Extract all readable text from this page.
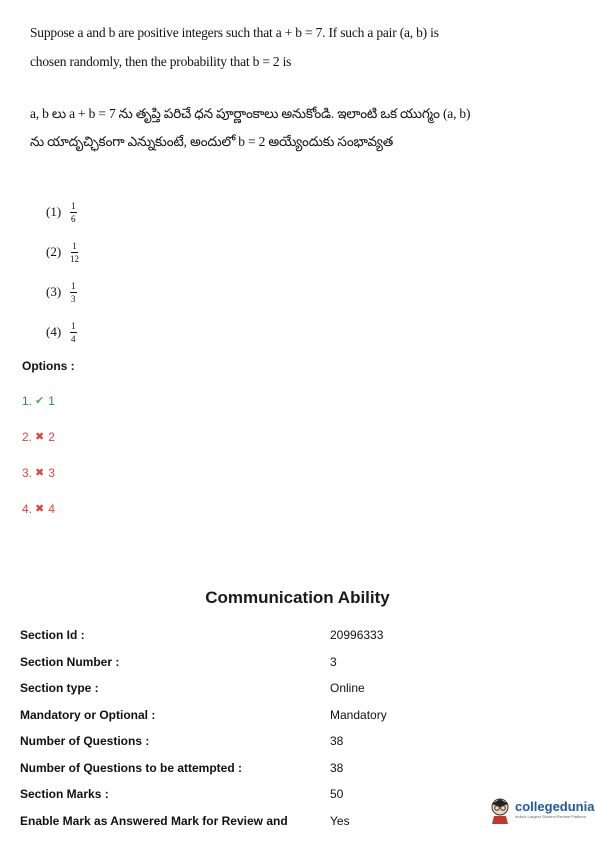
Suppose a and b are positive integers such that a + b = 7. If such a pair (a, b) is
chosen randomly, then the probability that b = 2 is
a, b లు a + b = 7 ను తృప్తి పరిచే ధన పూర్ణాంకాలు అనుకోండి. ఇలాంటి ఒక యుగ్మం (a, b)
ను యాదృచ్ఛికంగా ఎన్నుకుంటే, అందులో b = 2 అయ్యేందుకు సంభావ్యత
$(1) \frac{1}{6}$
$(2) \frac{1}{12}$
$(3) \frac{1}{3}$
$(4) \frac{1}{4}$
Options :
1. ✔ 1
2. ✖ 2
3. ✖ 3
4. ✖ 4
Communication Ability
Section Id :	20996333
Section Number :	3
Section type :	Online
Mandatory or Optional :	Mandatory
Number of Questions :	38
Number of Questions to be attempted :	38
Section Marks :	50
Enable Mark as Answered Mark for Review and	Yes
collegedunia
India's Largest Student Review Platform
